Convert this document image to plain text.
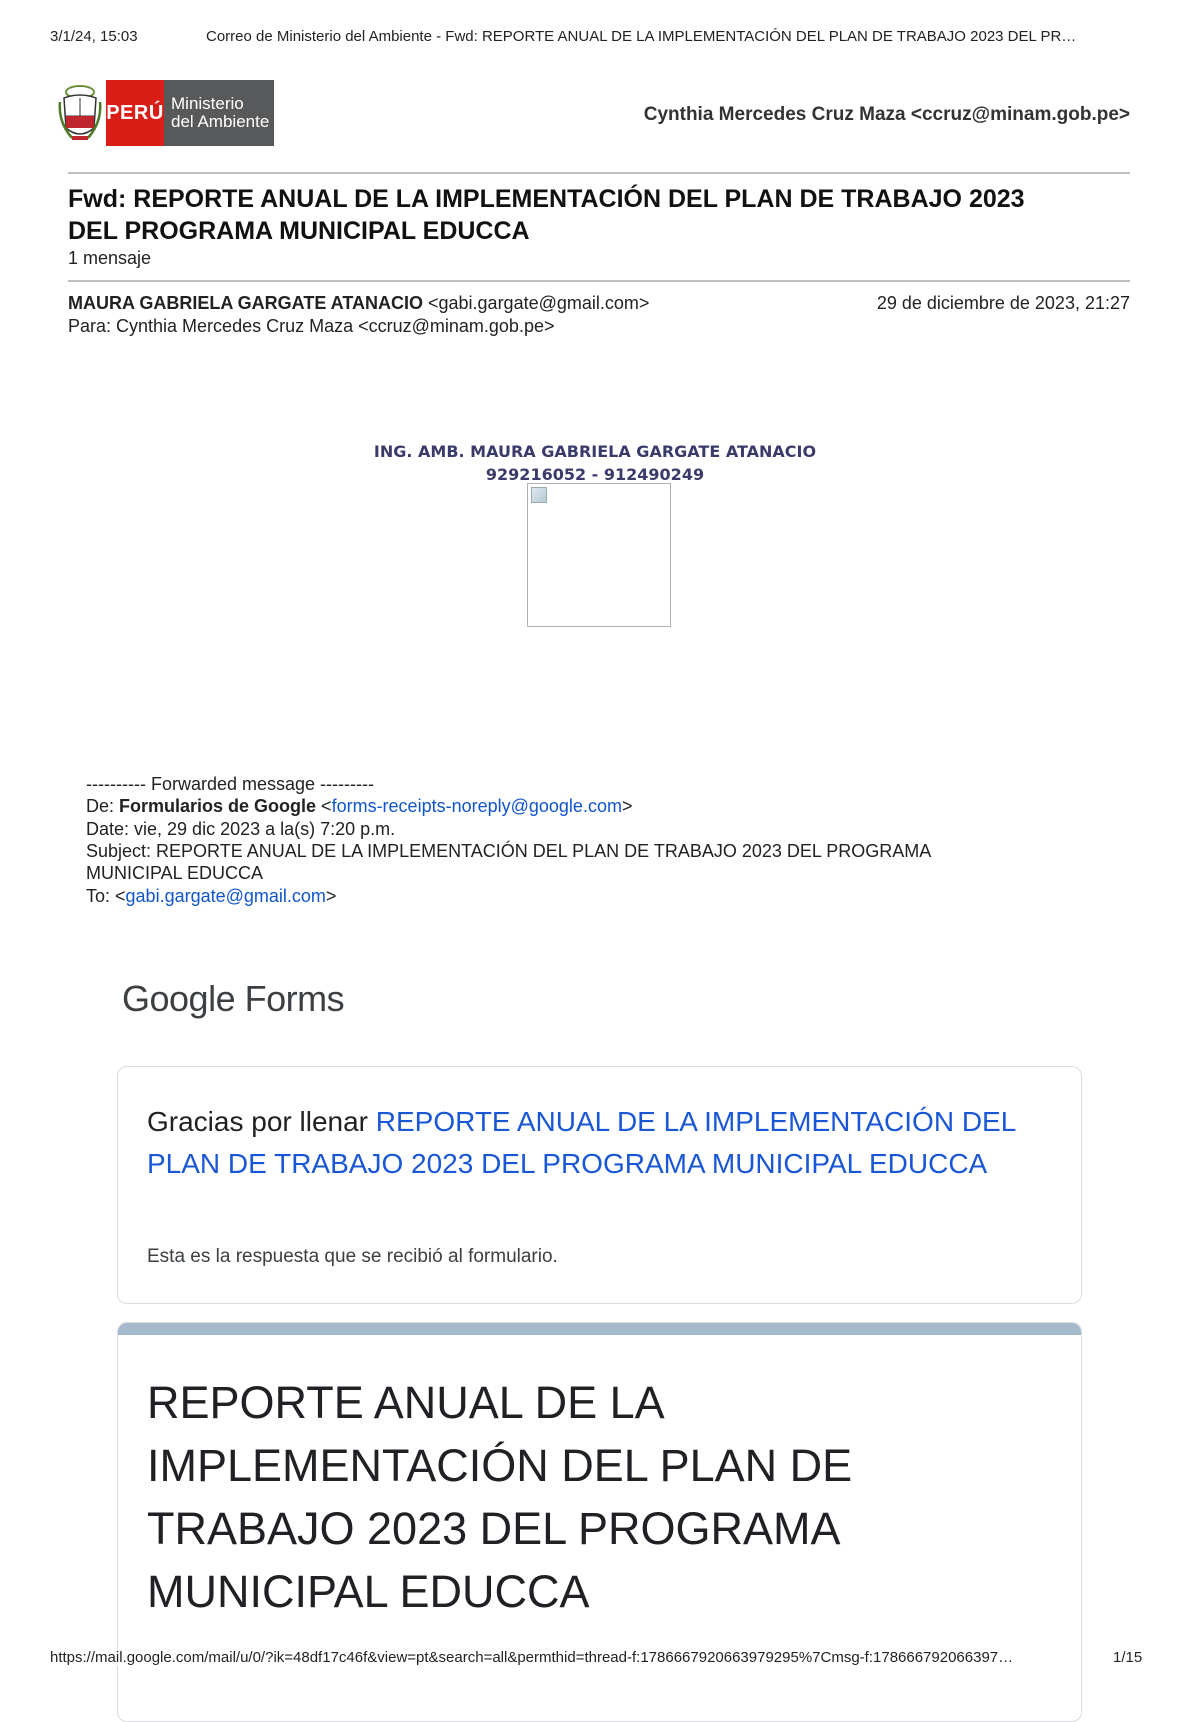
3/1/24, 15:03	Correo de Ministerio del Ambiente - Fwd: REPORTE ANUAL DE LA IMPLEMENTACIÓN DEL PLAN DE TRABAJO 2023 DEL PR…
PERÚ Ministerio
del Ambiente	Cynthia Mercedes Cruz Maza <ccruz@minam.gob.pe>
Fwd: REPORTE ANUAL DE LA IMPLEMENTACIÓN DEL PLAN DE TRABAJO 2023
DEL PROGRAMA MUNICIPAL EDUCCA
1 mensaje
MAURA GABRIELA GARGATE ATANACIO <gabi.gargate@gmail.com>	29 de diciembre de 2023, 21:27
Para: Cynthia Mercedes Cruz Maza <ccruz@minam.gob.pe>
ING. AMB. MAURA GABRIELA GARGATE ATANACIO
929216052 - 912490249
---------- Forwarded message ---------
De: Formularios de Google <forms-receipts-noreply@google.com>
Date: vie, 29 dic 2023 a la(s) 7:20 p.m.
Subject: REPORTE ANUAL DE LA IMPLEMENTACIÓN DEL PLAN DE TRABAJO 2023 DEL PROGRAMA
MUNICIPAL EDUCCA
To: <gabi.gargate@gmail.com>
Google Forms
Gracias por llenar REPORTE ANUAL DE LA IMPLEMENTACIÓN DEL PLAN DE TRABAJO 2023 DEL PROGRAMA MUNICIPAL EDUCCA
Esta es la respuesta que se recibió al formulario.
REPORTE ANUAL DE LA IMPLEMENTACIÓN DEL PLAN DE TRABAJO 2023 DEL PROGRAMA MUNICIPAL EDUCCA
https://mail.google.com/mail/u/0/?ik=48df17c46f&view=pt&search=all&permthid=thread-f:1786667920663979295%7Cmsg-f:178666792066397…	1/15
